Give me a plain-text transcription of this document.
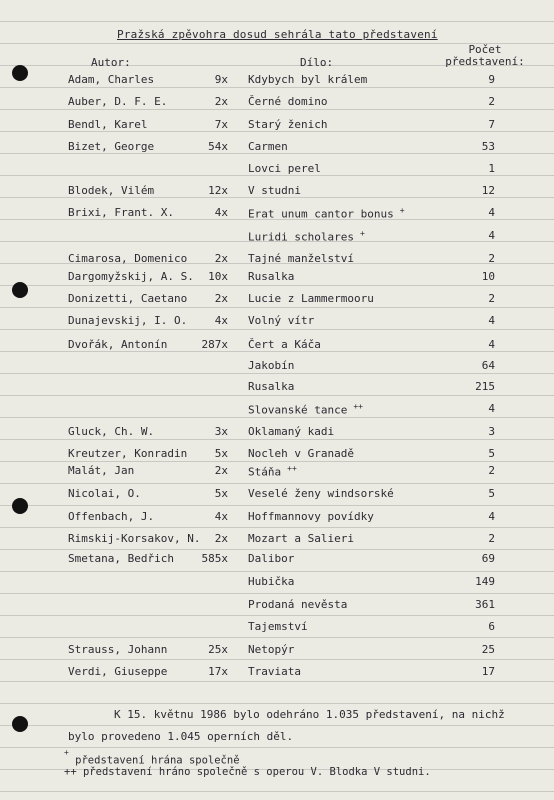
Pražská zpěvohra dosud sehrála tato představení
Autor:	Dílo:
Počet
představení:
Adam, Charles	9x Kdybych byl králem	9
Auber, D. F. E.	2x Černé domino	2
Bendl, Karel	7x Starý ženich	7
Bizet, George	54x Carmen	53
Lovci perel	1
Blodek, Vilém	12x V studni	12
Brixi, Frant. X.	4x Erat unum cantor bonus +	4
Luridi scholares +	4
Cimarosa, Domenico	2x Tajné manželství	2
Dargomyžskij, A. S. 10x Rusalka	10
Donizetti, Caetano	2x Lucie z Lammermooru	2
Dunajevskij, I. O.	4x Volný vítr	4
Dvořák, Antonín	287x Čert a Káča	4
Jakobín	64
Rusalka	215
Slovanské tance ++	4
Gluck, Ch. W.	3x Oklamaný kadi	3
Kreutzer, Konradin	5x Nocleh v Granadě	5
Malát, Jan	2x Stáňa ++	2
Nicolai, O.	5x Veselé ženy windsorské	5
Offenbach, J.	4x Hoffmannovy povídky	4
Rimskij-Korsakov, N. 2x Mozart a Salieri	2
Smetana, Bedřich	585x Dalibor	69
Hubička	149
Prodaná nevěsta	361
Tajemství	6
Strauss, Johann	25x Netopýr	25
Verdi, Giuseppe	17x Traviata	17
K 15. květnu 1986 bylo odehráno 1.035 představení, na nichž
bylo provedeno 1.045 operních děl.
+ představení hrána společně
++ představení hráno společně s operou V. Blodka V studni.
